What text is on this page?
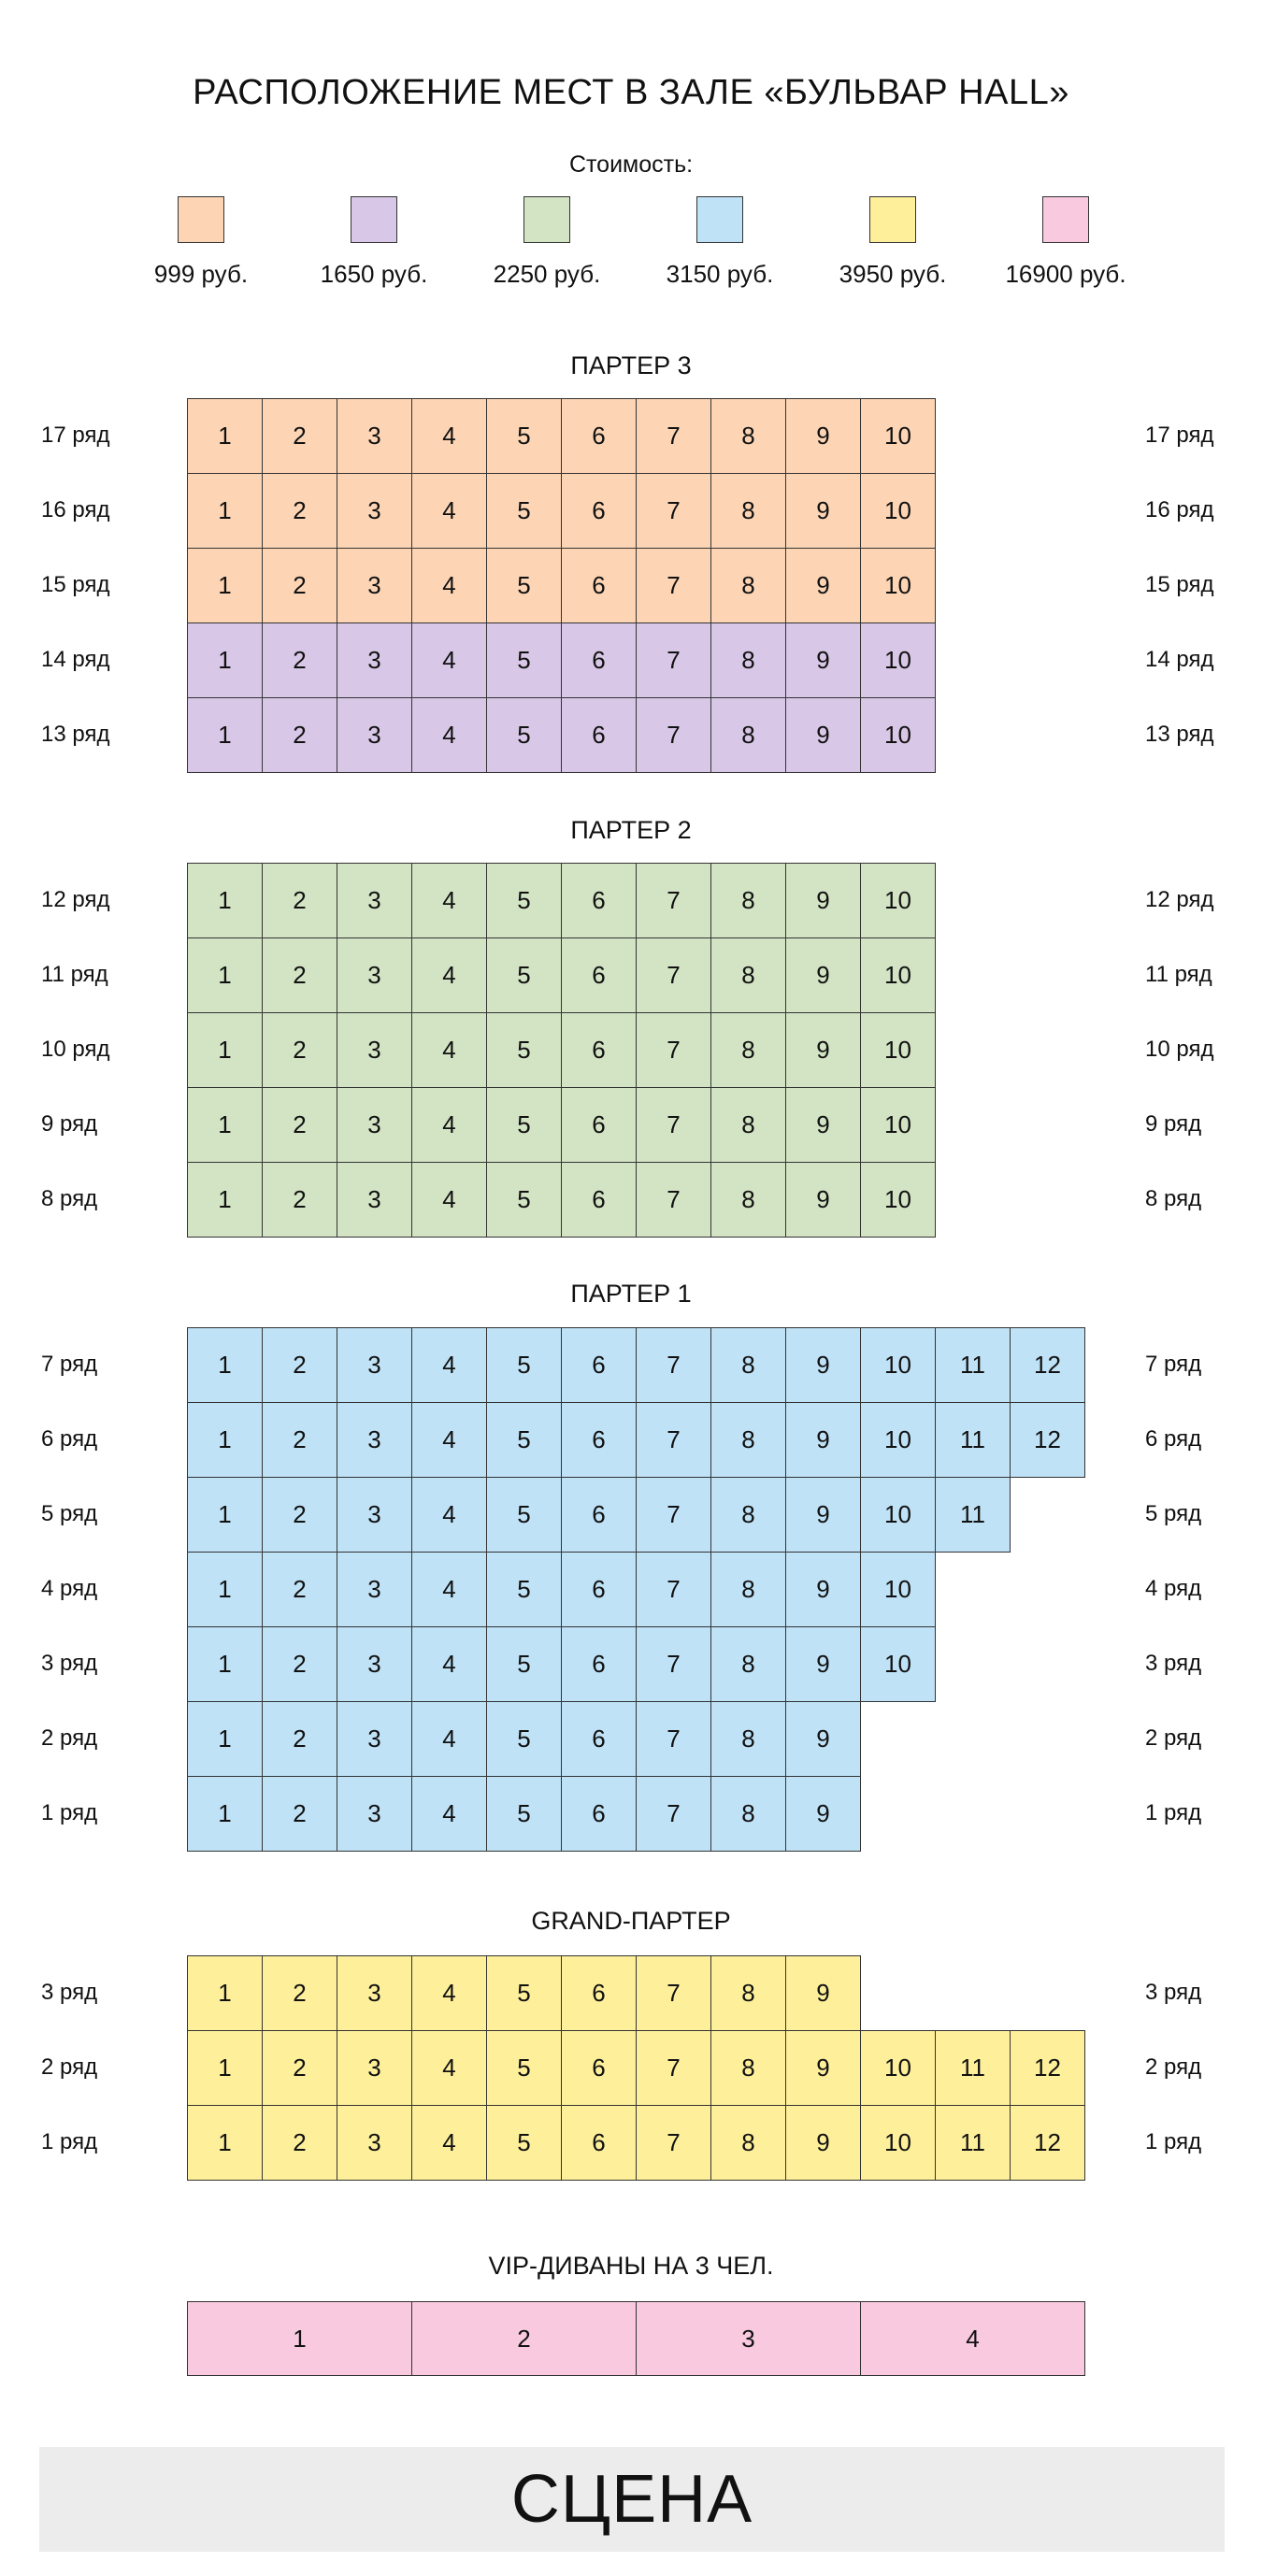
РАСПОЛОЖЕНИЕ МЕСТ В ЗАЛЕ «БУЛЬВАР HALL»
Стоимость:
999 руб.	1650 руб.	2250 руб.	3150 руб.	3950 руб.	16900 руб.
ПАРТЕР 3
17 ряд	17 ряд
1	2	3	4	5	6	7	8	9	10
16 ряд	16 ряд
1	2	3	4	5	6	7	8	9	10
15 ряд	15 ряд
1	2	3	4	5	6	7	8	9	10
14 ряд	14 ряд
1	2	3	4	5	6	7	8	9	10
13 ряд	13 ряд
1	2	3	4	5	6	7	8	9	10
ПАРТЕР 2
12 ряд	12 ряд
1	2	3	4	5	6	7	8	9	10
11 ряд	11 ряд
1	2	3	4	5	6	7	8	9	10
10 ряд	10 ряд
1	2	3	4	5	6	7	8	9	10
9 ряд	9 ряд
1	2	3	4	5	6	7	8	9	10
8 ряд	8 ряд
1	2	3	4	5	6	7	8	9	10
ПАРТЕР 1
7 ряд	7 ряд
1	2	3	4	5	6	7	8	9	10	11	12
6 ряд	6 ряд
1	2	3	4	5	6	7	8	9	10	11	12
5 ряд	5 ряд
1	2	3	4	5	6	7	8	9	10	11
4 ряд	4 ряд
1	2	3	4	5	6	7	8	9	10
3 ряд	3 ряд
1	2	3	4	5	6	7	8	9	10
2 ряд	2 ряд
1	2	3	4	5	6	7	8	9
1 ряд	1 ряд
1	2	3	4	5	6	7	8	9
GRAND-ПАРТЕР
3 ряд	3 ряд
1	2	3	4	5	6	7	8	9
2 ряд	2 ряд
1	2	3	4	5	6	7	8	9	10	11	12
1 ряд	1 ряд
1	2	3	4	5	6	7	8	9	10	11	12
VIP-ДИВАНЫ НА 3 ЧЕЛ.
1	2	3	4
СЦЕНА
